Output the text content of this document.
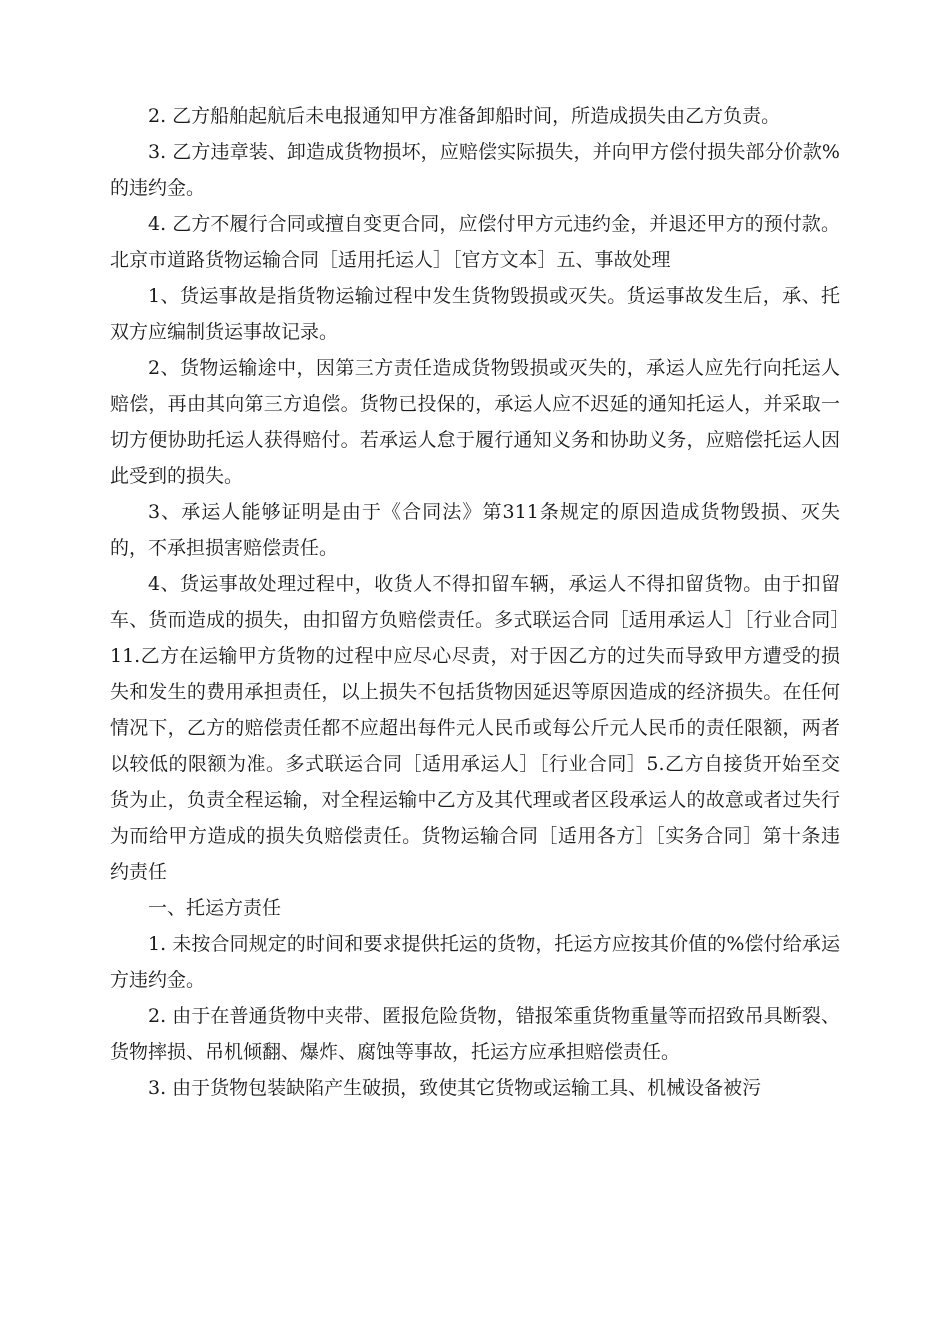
2. 乙方船舶起航后未电报通知甲方准备卸船时间，所造成损失由乙方负责。

3. 乙方违章装、卸造成货物损坏，应赔偿实际损失，并向甲方偿付损失部分价款%的违约金。

4. 乙方不履行合同或擅自变更合同，应偿付甲方元违约金，并退还甲方的预付款。北京市道路货物运输合同［适用托运人］［官方文本］五、事故处理

1、货运事故是指货物运输过程中发生货物毁损或灭失。货运事故发生后，承、托双方应编制货运事故记录。

2、货物运输途中，因第三方责任造成货物毁损或灭失的，承运人应先行向托运人赔偿，再由其向第三方追偿。货物已投保的，承运人应不迟延的通知托运人，并采取一切方便协助托运人获得赔付。若承运人怠于履行通知义务和协助义务，应赔偿托运人因此受到的损失。

3、承运人能够证明是由于《合同法》第311条规定的原因造成货物毁损、灭失的，不承担损害赔偿责任。

4、货运事故处理过程中，收货人不得扣留车辆，承运人不得扣留货物。由于扣留车、货而造成的损失，由扣留方负赔偿责任。多式联运合同［适用承运人］［行业合同］11.乙方在运输甲方货物的过程中应尽心尽责，对于因乙方的过失而导致甲方遭受的损失和发生的费用承担责任，以上损失不包括货物因延迟等原因造成的经济损失。在任何情况下，乙方的赔偿责任都不应超出每件元人民币或每公斤元人民币的责任限额，两者以较低的限额为准。多式联运合同［适用承运人］［行业合同］5.乙方自接货开始至交货为止，负责全程运输，对全程运输中乙方及其代理或者区段承运人的故意或者过失行为而给甲方造成的损失负赔偿责任。货物运输合同［适用各方］［实务合同］第十条违约责任

一、托运方责任

1. 未按合同规定的时间和要求提供托运的货物，托运方应按其价值的%偿付给承运方违约金。

2. 由于在普通货物中夹带、匿报危险货物，错报笨重货物重量等而招致吊具断裂、货物摔损、吊机倾翻、爆炸、腐蚀等事故，托运方应承担赔偿责任。

3. 由于货物包装缺陷产生破损，致使其它货物或运输工具、机械设备被污
